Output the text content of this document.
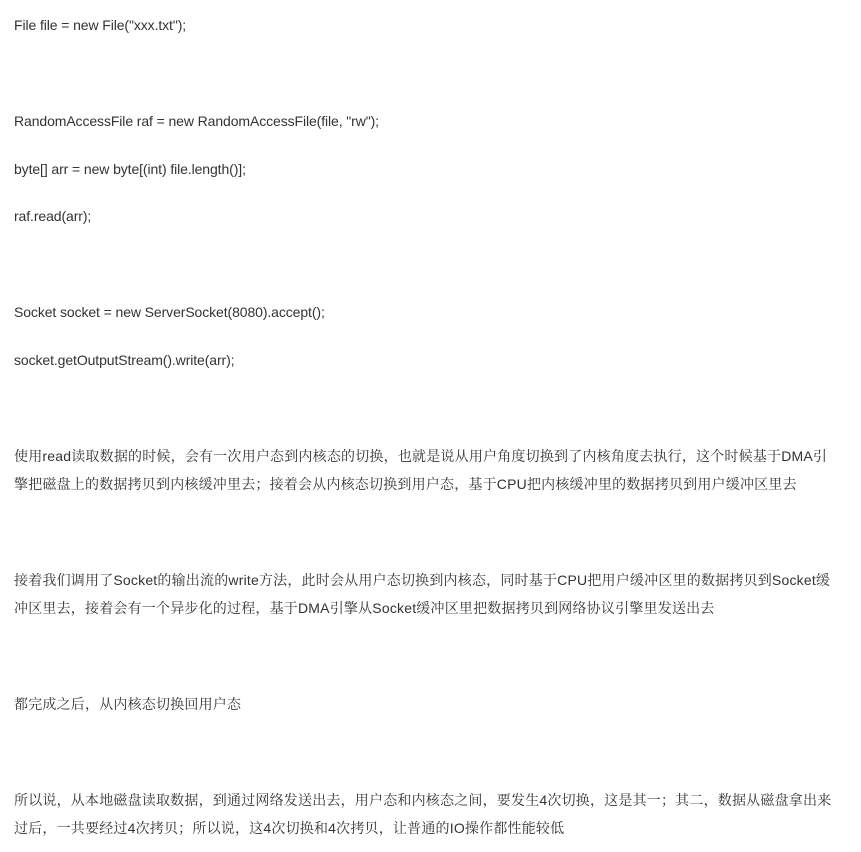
File file = new File("xxx.txt");
RandomAccessFile raf = new RandomAccessFile(file, "rw");
byte[] arr = new byte[(int) file.length()];
raf.read(arr);
Socket socket = new ServerSocket(8080).accept();
socket.getOutputStream().write(arr);
使用read读取数据的时候，会有一次用户态到内核态的切换，也就是说从用户角度切换到了内核角度去执行，这个时候基于DMA引擎把磁盘上的数据拷贝到内核缓冲里去；接着会从内核态切换到用户态，基于CPU把内核缓冲里的数据拷贝到用户缓冲区里去
接着我们调用了Socket的输出流的write方法，此时会从用户态切换到内核态，同时基于CPU把用户缓冲区里的数据拷贝到Socket缓冲区里去，接着会有一个异步化的过程，基于DMA引擎从Socket缓冲区里把数据拷贝到网络协议引擎里发送出去
都完成之后，从内核态切换回用户态
所以说，从本地磁盘读取数据，到通过网络发送出去，用户态和内核态之间，要发生4次切换，这是其一；其二，数据从磁盘拿出来过后，一共要经过4次拷贝；所以说，这4次切换和4次拷贝，让普通的IO操作都性能较低
